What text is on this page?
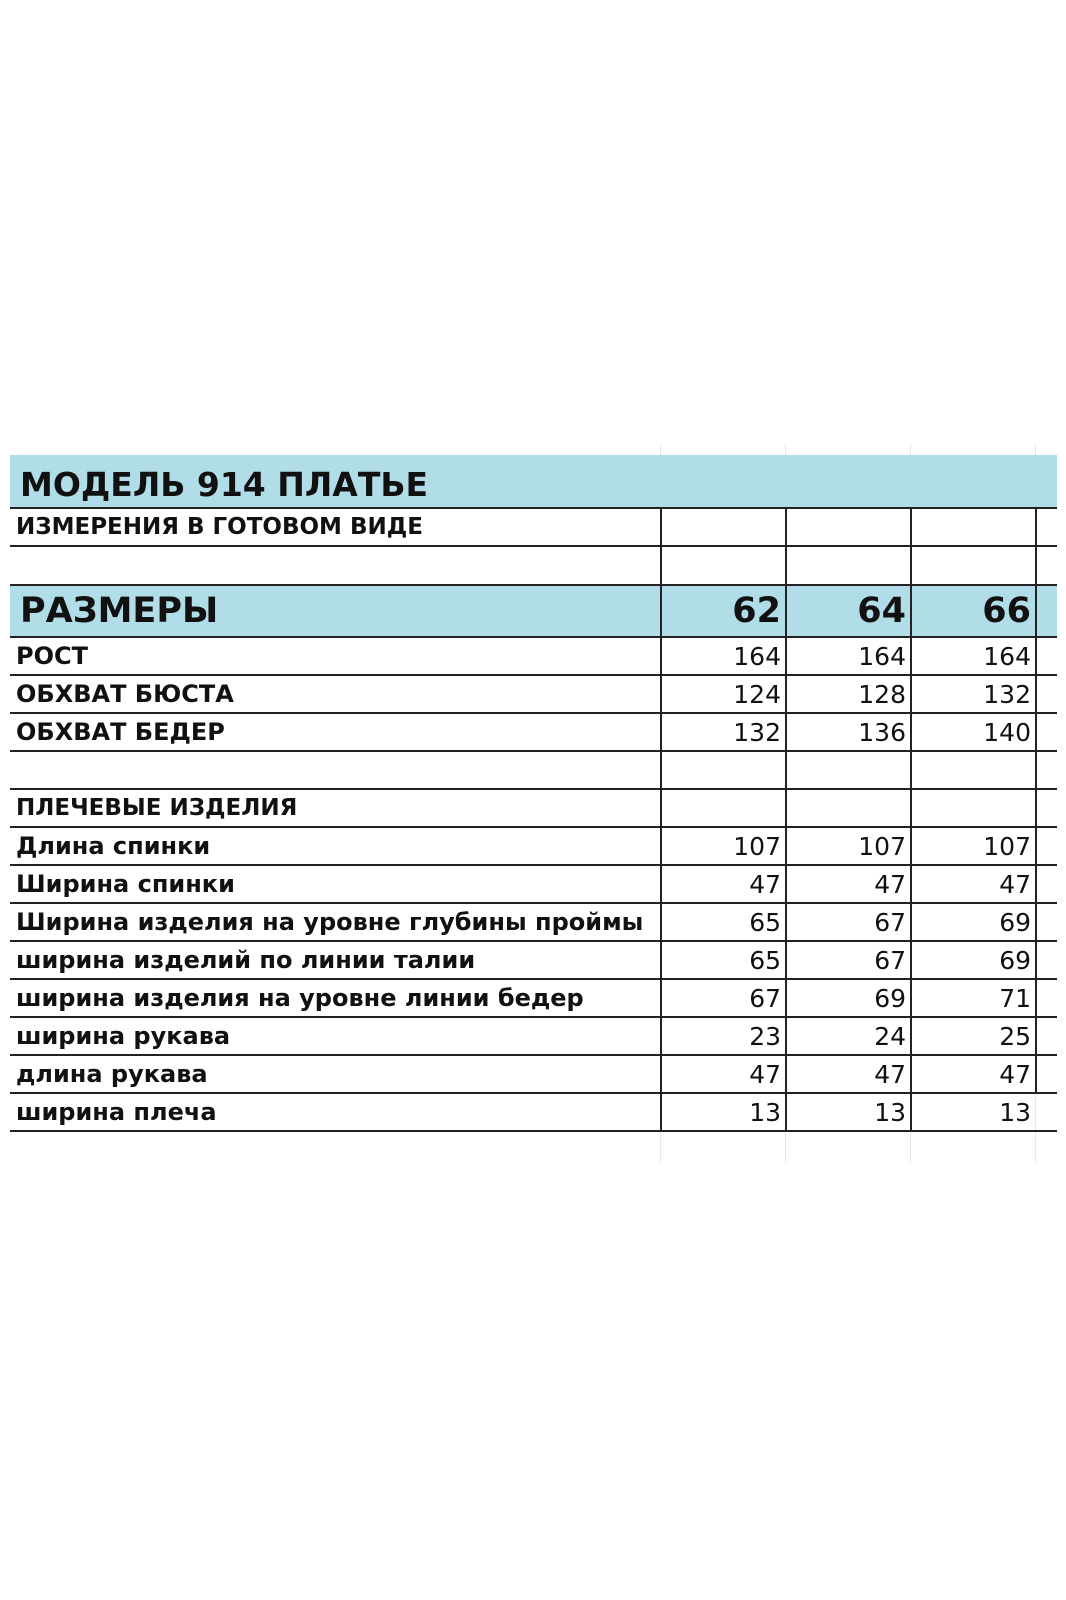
МОДЕЛЬ 914 ПЛАТЬЕ
ИЗМЕРЕНИЯ В ГОТОВОМ ВИДЕ
РАЗМЕРЫ	62	64	66
РОСТ	164	164	164
ОБХВАТ БЮСТА	124	128	132
ОБХВАТ БЕДЕР	132	136	140
ПЛЕЧЕВЫЕ ИЗДЕЛИЯ
Длина спинки	107	107	107
Ширина спинки	47	47	47
Ширина изделия на уровне глубины проймы	65	67	69
ширина изделий по линии талии	65	67	69
ширина изделия на уровне линии бедер	67	69	71
ширина рукава	23	24	25
длина рукава	47	47	47
ширина плеча	13	13	13
